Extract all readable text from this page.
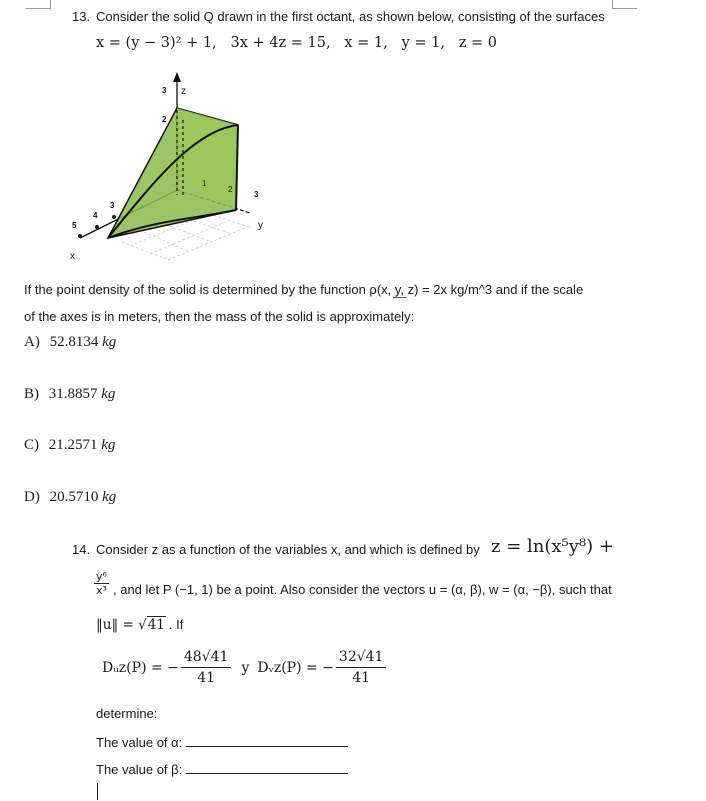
13. Consider the solid Q drawn in the first octant, as shown below, consisting of the surfaces
x = (y − 3)² + 1,   3x + 4z = 15,   x = 1,   y = 1,   z = 0
3
2
z
1
2
3
y
3
4
5
x
If the point density of the solid is determined by the function ρ(x, y, z) = 2x kg/m^3 and if the scale
of the axes is in meters, then the mass of the solid is approximately:
A) 52.8134 kg
B) 31.8857 kg
C) 21.2571 kg
D) 20.5710 kg
14. Consider z as a function of the variables x, and which is defined by z = ln(x⁵y⁸) +
$\frac{\text{y⁶}}{\text{x³}}$ , and let P (−1, 1) be a point. Also consider the vectors u = (α, β), w = (α, −β), such that
‖u‖ = √41 . If
Dᵤz(P) = − $\frac{48√41}{41}$ y Dᵥz(P) = − $\frac{32√41}{41}$
determine:
The value of α:
The value of β:
